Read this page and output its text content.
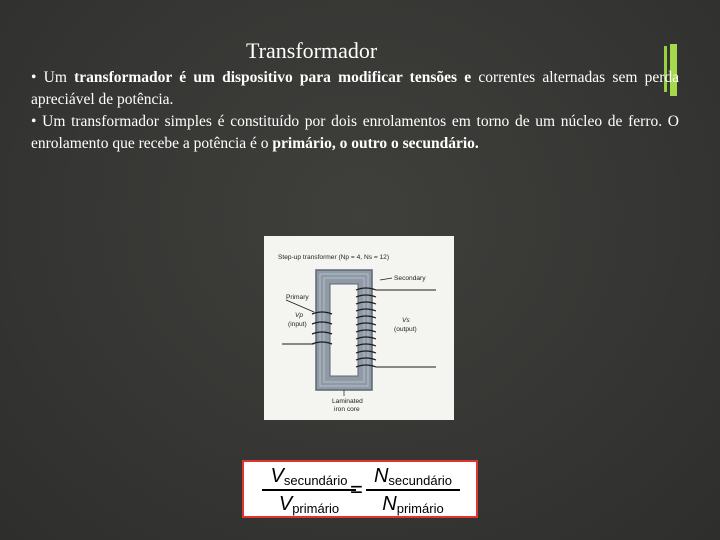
Transformador

• Um transformador é um dispositivo para modificar tensões e correntes alternadas sem perda apreciável de potência.

• Um transformador simples é constituído por dois enrolamentos em torno de um núcleo de ferro. O enrolamento que recebe a potência é o primário, o outro o secundário.

Step-up transformer (Np = 4, Ns = 12)
Primary
Vp
(input)
Secondary
Vs
(output)
Laminated
iron core
$V_{secundário}$
$V_{primário}$
=
$N_{secundário}$
$N_{primário}$
